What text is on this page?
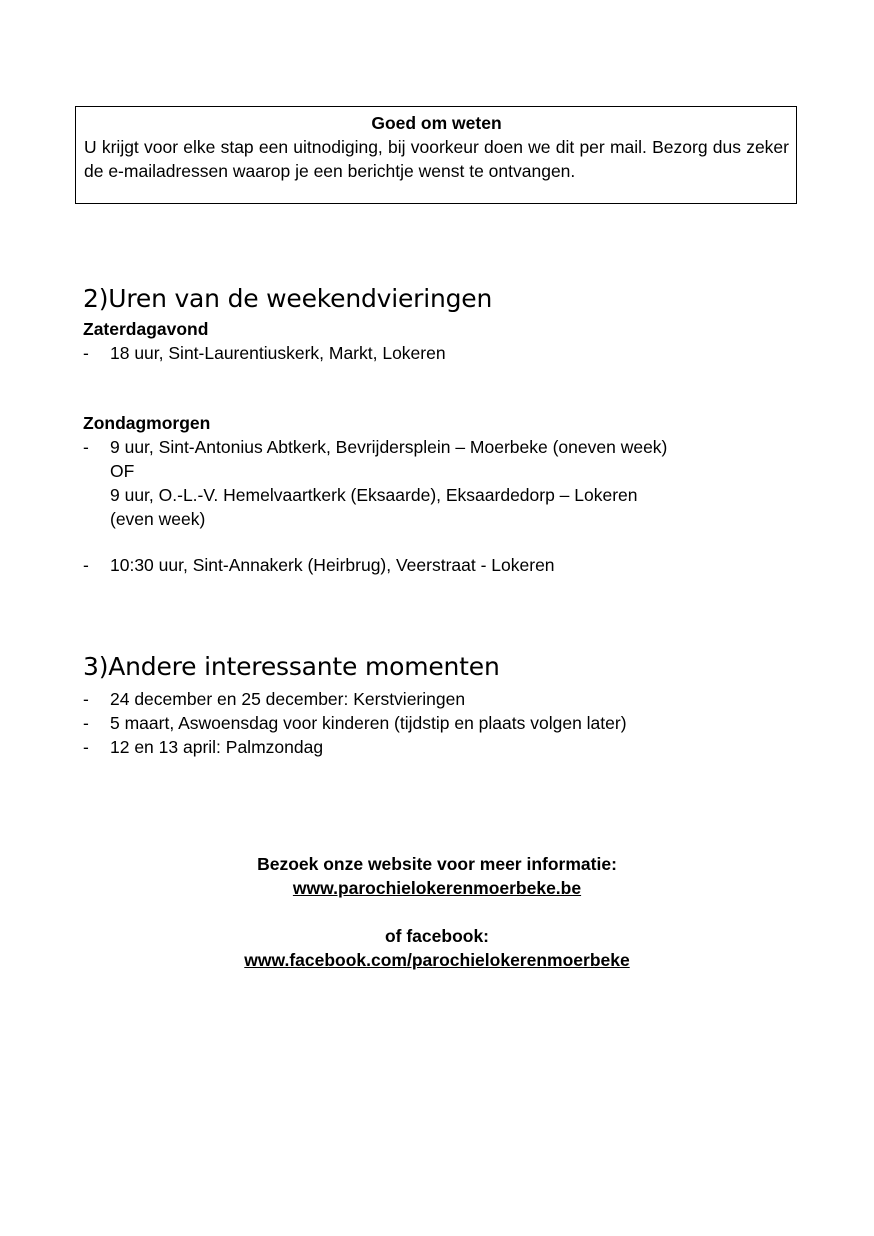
Goed om weten
U krijgt voor elke stap een uitnodiging, bij voorkeur doen we dit per mail. Bezorg dus zeker de e-mailadressen waarop je een berichtje wenst te ontvangen.
2)Uren van de weekendvieringen
Zaterdagavond
- 18 uur, Sint-Laurentiuskerk, Markt, Lokeren
Zondagmorgen
- 9 uur, Sint-Antonius Abtkerk, Bevrijdersplein – Moerbeke (oneven week)
OF
9 uur, O.-L.-V. Hemelvaartkerk (Eksaarde), Eksaardedorp – Lokeren
(even week)
- 10:30 uur, Sint-Annakerk (Heirbrug), Veerstraat - Lokeren
3)Andere interessante momenten
- 24 december en 25 december: Kerstvieringen
- 5 maart, Aswoensdag voor kinderen (tijdstip en plaats volgen later)
- 12 en 13 april: Palmzondag
Bezoek onze website voor meer informatie:
www.parochielokerenmoerbeke.be
of facebook:
www.facebook.com/parochielokerenmoerbeke
